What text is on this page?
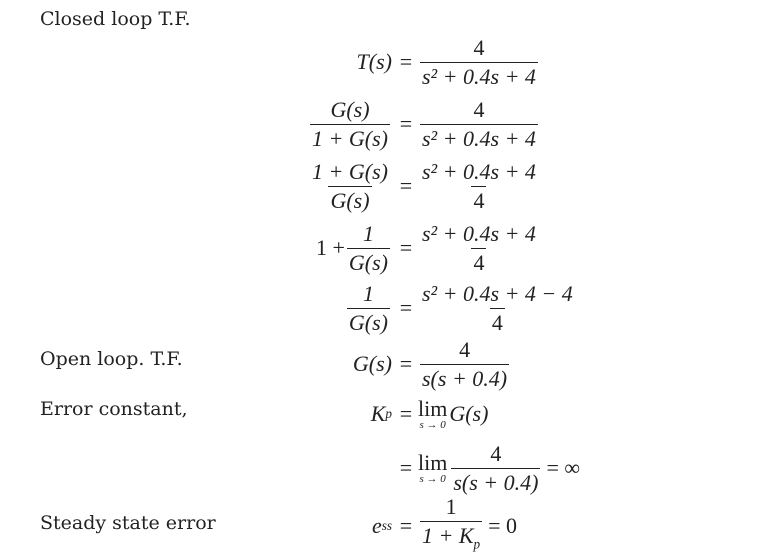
Closed loop T.F.
Open loop. T.F.
Error constant,
Steady state error
$T(s) = \frac{4}{\text{s² + 0.4s + 4}}$
$\frac{G(s)}{1 + G(s)} = \frac{4}{\text{s² + 0.4s + 4}}$
$\frac{1 + G(s)}{G(s)} = \frac{\text{s² + 0.4s + 4}}{4}$
$1 + \frac{1}{G(s)} = \frac{\text{s² + 0.4s + 4}}{4}$
$\frac{1}{G(s)} = \frac{\text{s² + 0.4s + 4 − 4}}{4}$
$G(s) = \frac{4}{s(s + 0.4)}$
K p = lim
s → 0 G(s)
= lim
$s \to 0 \frac{4}{s(s + 0.4)}$ = ∞
e ss = $\frac{1}{1 + K_p} = 0$
